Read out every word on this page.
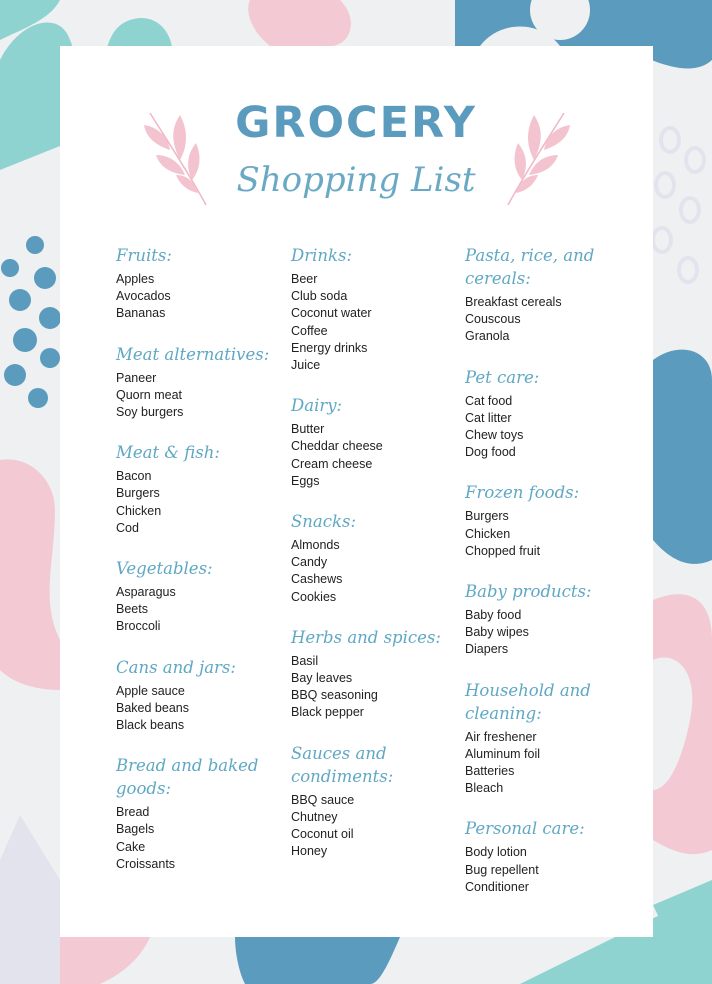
GROCERY
Shopping List
Fruits:
Apples
Avocados
Bananas
Meat alternatives:
Paneer
Quorn meat
Soy burgers
Meat & fish:
Bacon
Burgers
Chicken
Cod
Vegetables:
Asparagus
Beets
Broccoli
Cans and jars:
Apple sauce
Baked beans
Black beans
Bread and baked goods:
Bread
Bagels
Cake
Croissants
Drinks:
Beer
Club soda
Coconut water
Coffee
Energy drinks
Juice
Dairy:
Butter
Cheddar cheese
Cream cheese
Eggs
Snacks:
Almonds
Candy
Cashews
Cookies
Herbs and spices:
Basil
Bay leaves
BBQ seasoning
Black pepper
Sauces and condiments:
BBQ sauce
Chutney
Coconut oil
Honey
Pasta, rice, and cereals:
Breakfast cereals
Couscous
Granola
Pet care:
Cat food
Cat litter
Chew toys
Dog food
Frozen foods:
Burgers
Chicken
Chopped fruit
Baby products:
Baby food
Baby wipes
Diapers
Household and cleaning:
Air freshener
Aluminum foil
Batteries
Bleach
Personal care:
Body lotion
Bug repellent
Conditioner
